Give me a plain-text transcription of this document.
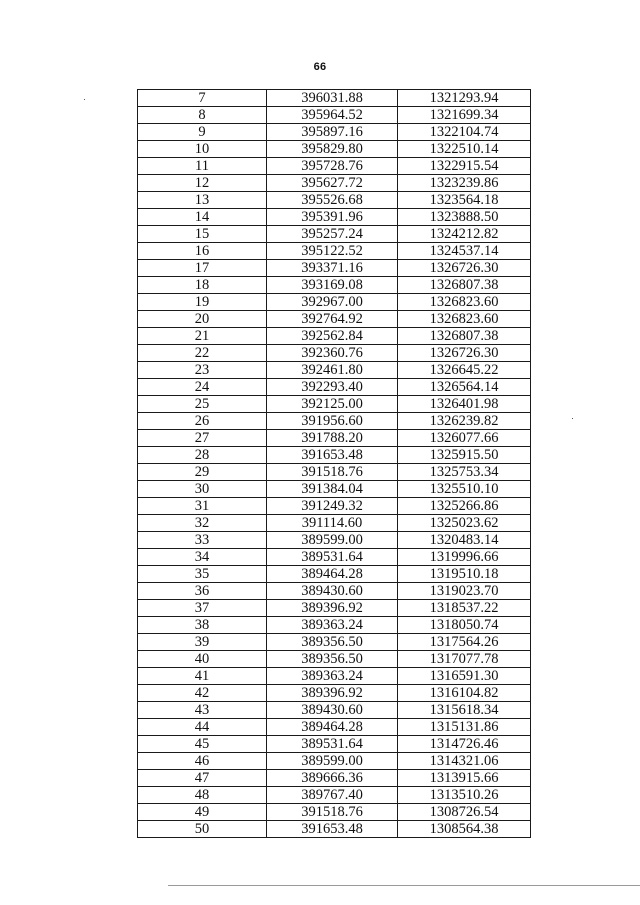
66
7	396031.88	1321293.94
8	395964.52	1321699.34
9	395897.16	1322104.74
10	395829.80	1322510.14
11	395728.76	1322915.54
12	395627.72	1323239.86
13	395526.68	1323564.18
14	395391.96	1323888.50
15	395257.24	1324212.82
16	395122.52	1324537.14
17	393371.16	1326726.30
18	393169.08	1326807.38
19	392967.00	1326823.60
20	392764.92	1326823.60
21	392562.84	1326807.38
22	392360.76	1326726.30
23	392461.80	1326645.22
24	392293.40	1326564.14
25	392125.00	1326401.98
26	391956.60	1326239.82
27	391788.20	1326077.66
28	391653.48	1325915.50
29	391518.76	1325753.34
30	391384.04	1325510.10
31	391249.32	1325266.86
32	391114.60	1325023.62
33	389599.00	1320483.14
34	389531.64	1319996.66
35	389464.28	1319510.18
36	389430.60	1319023.70
37	389396.92	1318537.22
38	389363.24	1318050.74
39	389356.50	1317564.26
40	389356.50	1317077.78
41	389363.24	1316591.30
42	389396.92	1316104.82
43	389430.60	1315618.34
44	389464.28	1315131.86
45	389531.64	1314726.46
46	389599.00	1314321.06
47	389666.36	1313915.66
48	389767.40	1313510.26
49	391518.76	1308726.54
50	391653.48	1308564.38
